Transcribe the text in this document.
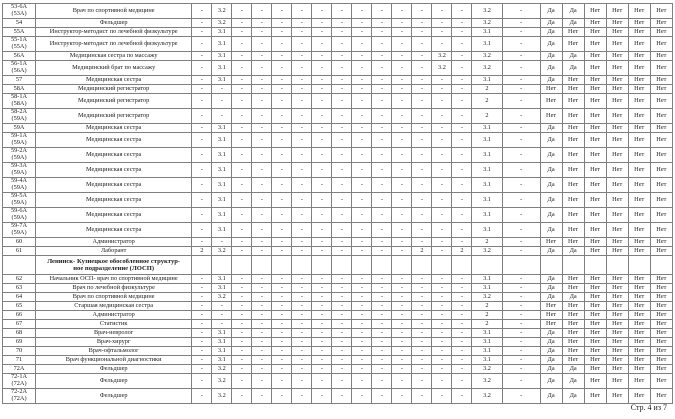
53-6А
(53А)	Врач по спортивной медицине	-	3.2	-	-	-	-	-	-	-	-	-	-	-	-	3.2	-	Да	Да	Нет	Нет	Нет	Нет

54	Фельдшер	-	3.2	-	-	-	-	-	-	-	-	-	-	-	-	3.2	-	Да	Да	Нет	Нет	Нет	Нет

55А	Инструктор-методист по лечебной физкультуре	-	3.1	-	-	-	-	-	-	-	-	-	-	-	-	3.1	-	Да	Нет	Нет	Нет	Нет	Нет

55-1А
(55А)	Инструктор-методист по лечебной физкультуре	-	3.1	-	-	-	-	-	-	-	-	-	-	-	-	3.1	-	Да	Нет	Нет	Нет	Нет	Нет

56А	Медицинская сестра по массажу	-	3.1	-	-	-	-	-	-	-	-	-	-	3.2	-	3.2	-	Да	Да	Нет	Нет	Нет	Нет

56-1А
(56А)	Медицинский брат по массажу	-	3.1	-	-	-	-	-	-	-	-	-	-	3.2	-	3.2	-	Да	Да	Нет	Нет	Нет	Нет

57	Медицинская сестра	-	3.1	-	-	-	-	-	-	-	-	-	-	-	-	3.1	-	Да	Нет	Нет	Нет	Нет	Нет

58А	Медицинский регистратор	-	-	-	-	-	-	-	-	-	-	-	-	-	-	2	-	Нет	Нет	Нет	Нет	Нет	Нет

58-1А
(58А)	Медицинский регистратор	-	-	-	-	-	-	-	-	-	-	-	-	-	-	2	-	Нет	Нет	Нет	Нет	Нет	Нет

58-2А
(59А)	Медицинский регистратор	-	-	-	-	-	-	-	-	-	-	-	-	-	-	2	-	Нет	Нет	Нет	Нет	Нет	Нет

59А	Медицинская сестра	-	3.1	-	-	-	-	-	-	-	-	-	-	-	-	3.1	-	Да	Нет	Нет	Нет	Нет	Нет

59-1А
(59А)	Медицинская сестра	-	3.1	-	-	-	-	-	-	-	-	-	-	-	-	3.1	-	Да	Нет	Нет	Нет	Нет	Нет

59-2А
(59А)	Медицинская сестра	-	3.1	-	-	-	-	-	-	-	-	-	-	-	-	3.1	-	Да	Нет	Нет	Нет	Нет	Нет

59-3А
(59А)	Медицинская сестра	-	3.1	-	-	-	-	-	-	-	-	-	-	-	-	3.1	-	Да	Нет	Нет	Нет	Нет	Нет

59-4А
(59А)	Медицинская сестра	-	3.1	-	-	-	-	-	-	-	-	-	-	-	-	3.1	-	Да	Нет	Нет	Нет	Нет	Нет

59-5А
(59А)	Медицинская сестра	-	3.1	-	-	-	-	-	-	-	-	-	-	-	-	3.1	-	Да	Нет	Нет	Нет	Нет	Нет

59-6А
(59А)	Медицинская сестра	-	3.1	-	-	-	-	-	-	-	-	-	-	-	-	3.1	-	Да	Нет	Нет	Нет	Нет	Нет

59-7А
(59А)	Медицинская сестра	-	3.1	-	-	-	-	-	-	-	-	-	-	-	-	3.1	-	Да	Нет	Нет	Нет	Нет	Нет

60	Администратор	-	-	-	-	-	-	-	-	-	-	-	-	-	-	2	-	Нет	Нет	Нет	Нет	Нет	Нет

61	Лаборант	2	3.2	-	-	-	-	-	-	-	-	-	2	-	2	3.2	-	Да	Да	Нет	Нет	Нет	Нет

	Ленинск- Кузнецкое обособленное структур-
ное подразделение (ЛОСП)																						

62	Начальник ОСП- врач по спортивной медицине	-	3.1	-	-	-	-	-	-	-	-	-	-	-	-	3.1	-	Да	Нет	Нет	Нет	Нет	Нет

63	Врач по лечебной физкультуре	-	3.1	-	-	-	-	-	-	-	-	-	-	-	-	3.1	-	Да	Нет	Нет	Нет	Нет	Нет

64	Врач по спортивной медицине	-	3.2	-	-	-	-	-	-	-	-	-	-	-	-	3.2	-	Да	Да	Нет	Нет	Нет	Нет

65	Старшая медицинская сестра	-	-	-	-	-	-	-	-	-	-	-	-	-	-	2	-	Нет	Нет	Нет	Нет	Нет	Нет

66	Администратор	-	-	-	-	-	-	-	-	-	-	-	-	-	-	2	-	Нет	Нет	Нет	Нет	Нет	Нет

67	Статистик	-	-	-	-	-	-	-	-	-	-	-	-	-	-	2	-	Нет	Нет	Нет	Нет	Нет	Нет

68	Врач-невролог	-	3.1	-	-	-	-	-	-	-	-	-	-	-	-	3.1	-	Да	Нет	Нет	Нет	Нет	Нет

69	Врач-хирург	-	3.1	-	-	-	-	-	-	-	-	-	-	-	-	3.1	-	Да	Нет	Нет	Нет	Нет	Нет

70	Врач-офтальмолог	-	3.1	-	-	-	-	-	-	-	-	-	-	-	-	3.1	-	Да	Нет	Нет	Нет	Нет	Нет

71	Врач функциональной диагностики	-	3.1	-	-	-	-	-	-	-	-	-	-	-	-	3.1	-	Да	Нет	Нет	Нет	Нет	Нет

72А	Фельдшер	-	3.2	-	-	-	-	-	-	-	-	-	-	-	-	3.2	-	Да	Да	Нет	Нет	Нет	Нет

72-1А
(72А)	Фельдшер	-	3.2	-	-	-	-	-	-	-	-	-	-	-	-	3.2	-	Да	Да	Нет	Нет	Нет	Нет

72-2А
(72А)	Фельдшер	-	3.2	-	-	-	-	-	-	-	-	-	-	-	-	3.2	-	Да	Да	Нет	Нет	Нет	Нет
Стр. 4 из 7
